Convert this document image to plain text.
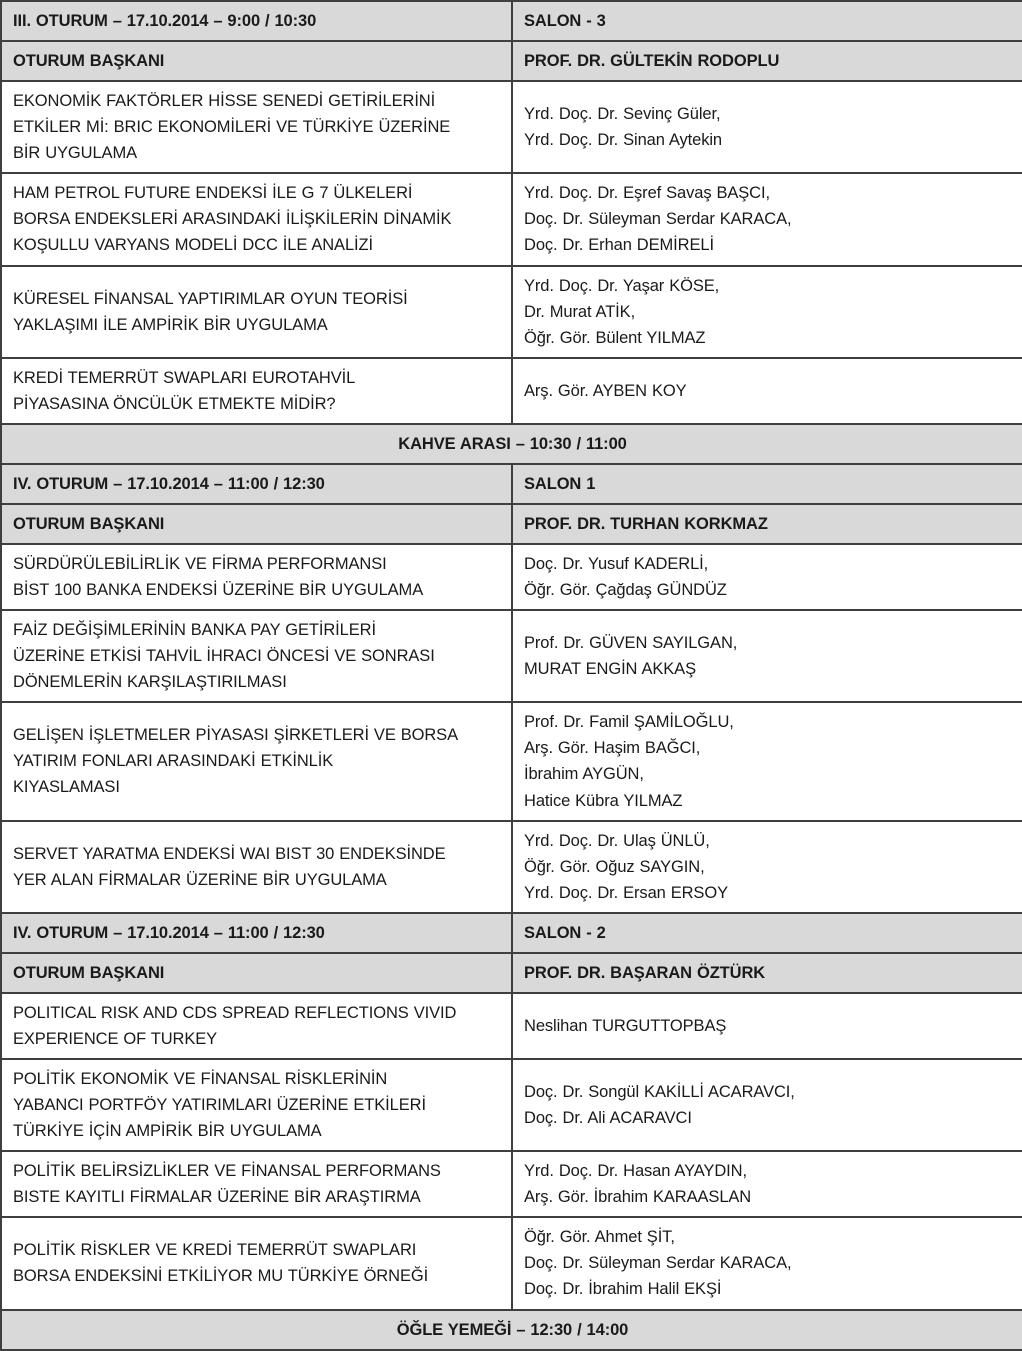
III. OTURUM – 17.10.2014 – 9:00 / 10:30	SALON - 3
OTURUM BAŞKANI	PROF. DR. GÜLTEKİN RODOPLU

EKONOMİK FAKTÖRLER HİSSE SENEDİ GETİRİLERİNİ
ETKİLER Mİ: BRIC EKONOMİLERİ VE TÜRKİYE ÜZERİNE
BİR UYGULAMA	Yrd. Doç. Dr. Sevinç Güler,
Yrd. Doç. Dr. Sinan Aytekin

HAM PETROL FUTURE ENDEKSİ İLE G 7 ÜLKELERİ
BORSA ENDEKSLERİ ARASINDAKİ İLİŞKİLERİN DİNAMİK
KOŞULLU VARYANS MODELİ DCC İLE ANALİZİ	Yrd. Doç. Dr. Eşref Savaş BAŞCI,
Doç. Dr. Süleyman Serdar KARACA,
Doç. Dr. Erhan DEMİRELİ

KÜRESEL FİNANSAL YAPTIRIMLAR OYUN TEORİSİ
YAKLAŞIMI İLE AMPİRİK BİR UYGULAMA	Yrd. Doç. Dr. Yaşar KÖSE,
Dr. Murat ATİK,
Öğr. Gör. Bülent YILMAZ

KREDİ TEMERRÜT SWAPLARI EUROTAHVİL
PİYASASINA ÖNCÜLÜK ETMEKTE MİDİR?	Arş. Gör. AYBEN KOY

KAHVE ARASI – 10:30 / 11:00	
IV. OTURUM – 17.10.2014 – 11:00 / 12:30	SALON 1
OTURUM BAŞKANI	PROF. DR. TURHAN KORKMAZ

SÜRDÜRÜLEBİLİRLİK VE FİRMA PERFORMANSI
BİST 100 BANKA ENDEKSİ ÜZERİNE BİR UYGULAMA	Doç. Dr. Yusuf KADERLİ,
Öğr. Gör. Çağdaş GÜNDÜZ

FAİZ DEĞİŞİMLERİNİN BANKA PAY GETİRİLERİ
ÜZERİNE ETKİSİ TAHVİL İHRACI ÖNCESİ VE SONRASI
DÖNEMLERİN KARŞILAŞTIRILMASI	Prof. Dr. GÜVEN SAYILGAN,
MURAT ENGİN AKKAŞ

GELİŞEN İŞLETMELER PİYASASI ŞİRKETLERİ VE BORSA
YATIRIM FONLARI ARASINDAKİ ETKİNLİK
KIYASLAMASI	Prof. Dr. Famil ŞAMİLOĞLU,
Arş. Gör. Haşim BAĞCI,
İbrahim AYGÜN,
Hatice Kübra YILMAZ

SERVET YARATMA ENDEKSİ WAI BIST 30 ENDEKSİNDE
YER ALAN FİRMALAR ÜZERİNE BİR UYGULAMA	Yrd. Doç. Dr. Ulaş ÜNLÜ,
Öğr. Gör. Oğuz SAYGIN,
Yrd. Doç. Dr. Ersan ERSOY

IV. OTURUM – 17.10.2014 – 11:00 / 12:30	SALON - 2
OTURUM BAŞKANI	PROF. DR. BAŞARAN ÖZTÜRK

POLITICAL RISK AND CDS SPREAD REFLECTIONS VIVID
EXPERIENCE OF TURKEY	Neslihan TURGUTTOPBAŞ

POLİTİK EKONOMİK VE FİNANSAL RİSKLERİNİN
YABANCI PORTFÖY YATIRIMLARI ÜZERİNE ETKİLERİ
TÜRKİYE İÇİN AMPİRİK BİR UYGULAMA	Doç. Dr. Songül KAKİLLİ ACARAVCI,
Doç. Dr. Ali ACARAVCI

POLİTİK BELİRSİZLİKLER VE FİNANSAL PERFORMANS
BISTE KAYITLI FİRMALAR ÜZERİNE BİR ARAŞTIRMA	Yrd. Doç. Dr. Hasan AYAYDIN,
Arş. Gör. İbrahim KARAASLAN

POLİTİK RİSKLER VE KREDİ TEMERRÜT SWAPLARI
BORSA ENDEKSİNİ ETKİLİYOR MU TÜRKİYE ÖRNEĞİ	Öğr. Gör. Ahmet ŞİT,
Doç. Dr. Süleyman Serdar KARACA,
Doç. Dr. İbrahim Halil EKŞİ

ÖĞLE YEMEĞİ – 12:30 / 14:00	
